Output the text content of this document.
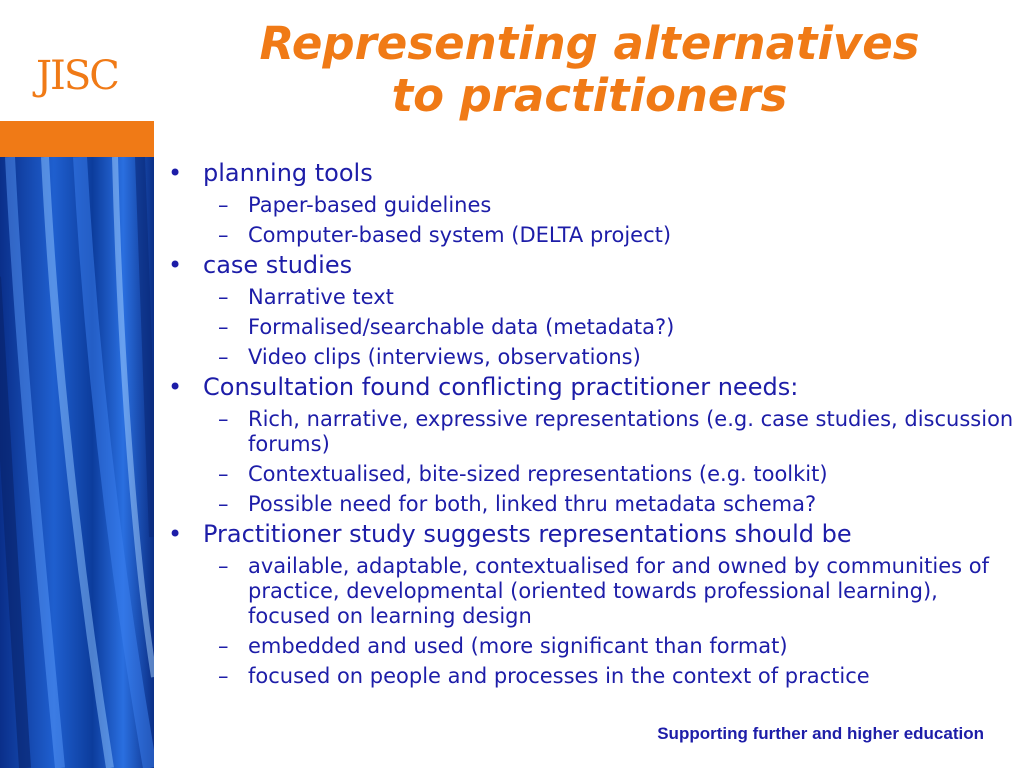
JISC
Representing alternatives
to practitioners
• planning tools
– Paper-based guidelines
– Computer-based system (DELTA project)
• case studies
– Narrative text
– Formalised/searchable data (metadata?)
– Video clips (interviews, observations)
• Consultation found conflicting practitioner needs:
– Rich, narrative, expressive representations (e.g. case studies, discussion forums)
– Contextualised, bite-sized representations (e.g. toolkit)
– Possible need for both, linked thru metadata schema?
• Practitioner study suggests representations should be
– available, adaptable, contextualised for and owned by communities of practice, developmental (oriented towards professional learning), focused on learning design
– embedded and used (more significant than format)
– focused on people and processes in the context of practice
Supporting further and higher education
